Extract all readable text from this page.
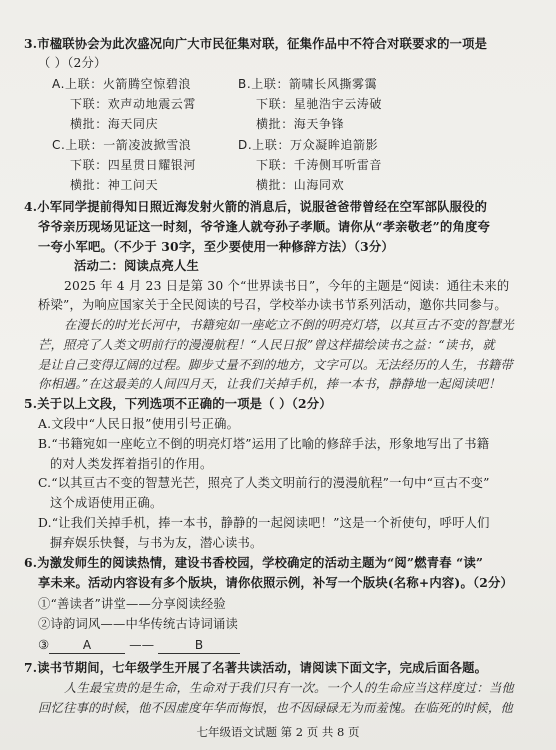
3.市楹联协会为此次盛况向广大市民征集对联，征集作品中不符合对联要求的一项是
（ ）（2分）
A.上联：火箭腾空惊碧浪	B.上联：箭啸长风撕雾霭
下联：欢声动地震云霄	下联：星驰浩宇云涛破
横批：海天同庆	横批：海天争锋
C.上联：一箭凌波掀雪浪	D.上联：万众凝眸追箭影
下联：四星贯日耀银河	下联：千涛侧耳听雷音
横批：神工问天	横批：山海同欢
4.小军同学提前得知日照近海发射火箭的消息后，说服爸爸带曾经在空军部队服役的
爷爷亲历现场见证这一时刻，爷爷逢人就夸孙子孝顺。请你从“孝亲敬老”的角度夸
一夸小军吧。（不少于 30字，至少要使用一种修辞方法）（3分）
活动二：阅读点亮人生
2025 年 4 月 23 日是第 30 个“世界读书日”，今年的主题是“阅读：通往未来的
桥梁”，为响应国家关于全民阅读的号召，学校举办读书节系列活动，邀你共同参与。
在漫长的时光长河中，书籍宛如一座屹立不倒的明亮灯塔，以其亘古不变的智慧光
芒，照亮了人类文明前行的漫漫航程！“人民日报”曾这样描绘读书之益：“读书，就
是让自己变得辽阔的过程。脚步丈量不到的地方，文字可以。无法经历的人生，书籍带
你相遇。”在这最美的人间四月天，让我们关掉手机，捧一本书，静静地一起阅读吧！
5.关于以上文段，下列选项不正确的一项是（ ）（2分）
A.文段中“人民日报”使用引号正确。
B.“书籍宛如一座屹立不倒的明亮灯塔”运用了比喻的修辞手法，形象地写出了书籍
的对人类发挥着指引的作用。
C.“以其亘古不变的智慧光芒，照亮了人类文明前行的漫漫航程”一句中“亘古不变”
这个成语使用正确。
D.“让我们关掉手机，捧一本书，静静的一起阅读吧！”这是一个祈使句，呼吁人们
摒弃娱乐快餐，与书为友，潜心读书。
6.为激发师生的阅读热情，建设书香校园，学校确定的活动主题为“阅”燃青春 “读”
享未来。活动内容设有多个版块，请你依照示例，补写一个版块(名称+内容)。（2分）
①“善读者”讲堂——分享阅读经验
②诗韵词风——中华传统古诗词诵读
③	A	——	B
7.读书节期间，七年级学生开展了名著共读活动，请阅读下面文字，完成后面各题。
人生最宝贵的是生命，生命对于我们只有一次。一个人的生命应当这样度过：当他
回忆往事的时候，他不因虚度年华而悔恨，也不因碌碌无为而羞愧。在临死的时候，他
七年级语文试题 第 2 页 共 8 页
